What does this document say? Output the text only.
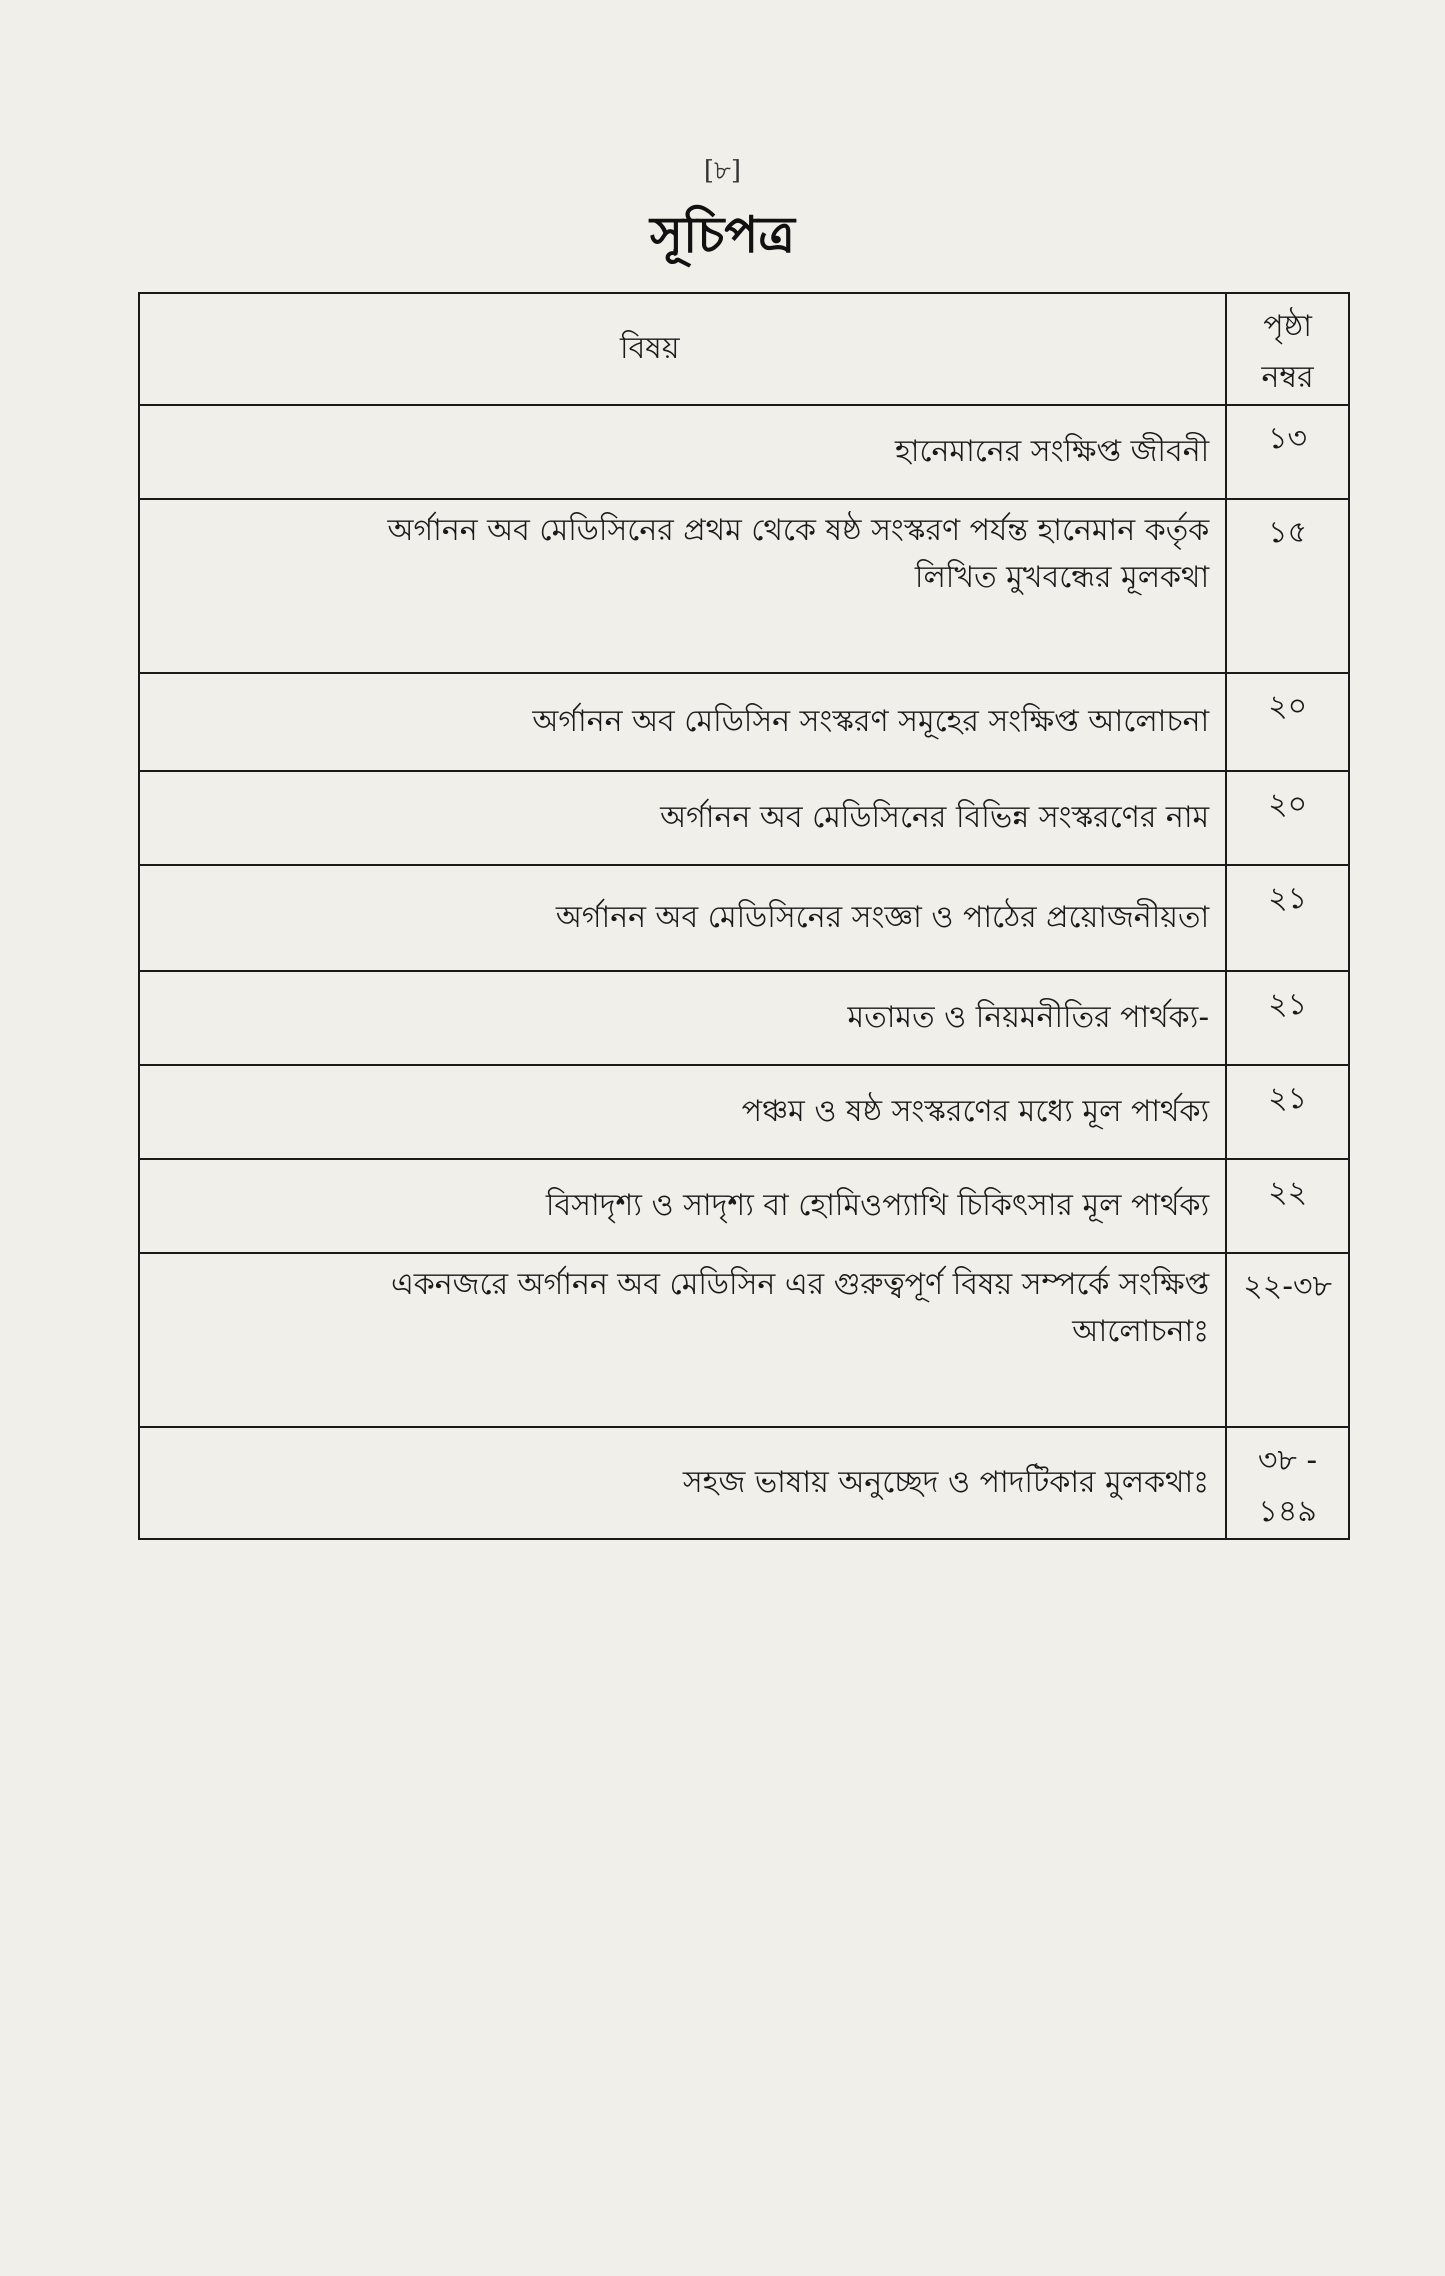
[৮]
সূচিপত্র
বিষয়	পৃষ্ঠা নম্বর

হানেমানের সংক্ষিপ্ত জীবনী	১৩

অর্গানন অব মেডিসিনের প্রথম থেকে ষষ্ঠ সংস্করণ পর্যন্ত হানেমান কর্তৃক
লিখিত মুখবন্ধের মূলকথা	১৫

অর্গানন অব মেডিসিন সংস্করণ সমূহের সংক্ষিপ্ত আলোচনা	২০

অর্গানন অব মেডিসিনের বিভিন্ন সংস্করণের নাম	২০

অর্গানন অব মেডিসিনের সংজ্ঞা ও পাঠের প্রয়োজনীয়তা	২১

মতামত ও নিয়মনীতির পার্থক্য-	২১

পঞ্চম ও ষষ্ঠ সংস্করণের মধ্যে মূল পার্থক্য	২১

বিসাদৃশ্য ও সাদৃশ্য বা হোমিওপ্যাথি চিকিৎসার মূল পার্থক্য	২২

একনজরে অর্গানন অব মেডিসিন এর গুরুত্বপূর্ণ বিষয় সম্পর্কে সংক্ষিপ্ত
আলোচনাঃ	২২-৩৮

সহজ ভাষায় অনুচ্ছেদ ও পাদটিকার মুলকথাঃ	৩৮ - ১৪৯
